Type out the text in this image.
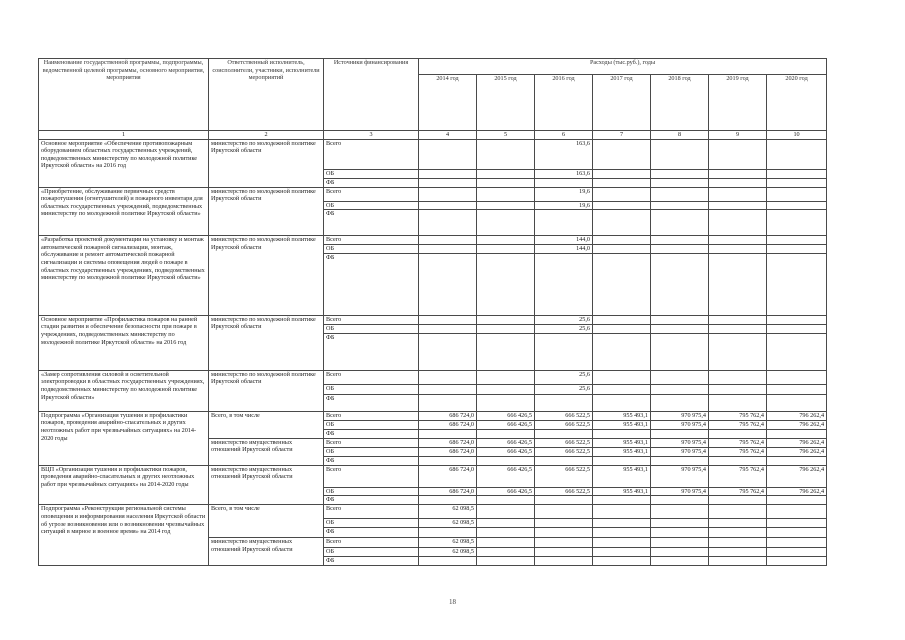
Наименование государственной программы, подпрограммы, ведомственной целевой программы, основного мероприятия, мероприятия	Ответственный исполнитель, соисполнители, участники, исполнители мероприятий	Источники финансирования	Расходы (тыс.руб.), годы						
			2014 год	2015 год	2016 год	2017 год	2018 год	2019 год	2020 год
1	2	3	4	5	6	7	8	9	10
Основное мероприятие «Обеспечение противопожарным оборудованием областных государственных учреждений, подведомственных министерству по молодежной политике Иркутской области» на 2016 год	министерство по молодежной политике Иркутской области	Всего			163,6				
		ОБ			163,6				
		ФБ							
«Приобретение, обслуживание первичных средств пожаротушения (огнетушителей) и пожарного инвентаря для областных государственных учреждений, подведомственных министерству по молодежной политике Иркутской области»	министерство по молодежной политике Иркутской области	Всего			19,6				
		ОБ			19,6				
		ФБ							
«Разработка проектной документации на установку и монтаж автоматической пожарной сигнализации, монтаж, обслуживание и ремонт автоматической пожарной сигнализации и системы оповещения людей о пожаре в областных государственных учреждениях, подведомственных министерству по молодежной политике Иркутской области»	министерство по молодежной политике Иркутской области	Всего			144,0				
		ОБ			144,0				
		ФБ							
Основное мероприятие «Профилактика пожаров на ранней стадии развития и обеспечение безопасности при пожаре в учреждениях, подведомственных министерству по молодежной политике Иркутской области» на 2016 год	министерство по молодежной политике Иркутской области	Всего			25,6				
		ОБ			25,6				
		ФБ							
«Замер сопротивления силовой и осветительной электропроводки в областных государственных учреждениях, подведомственных министерству по молодежной политике Иркутской области»	министерство по молодежной политике Иркутской области	Всего			25,6				
		ОБ			25,6				
		ФБ							
Подпрограмма «Организация тушения и профилактики пожаров, проведения аварийно-спасательных и других неотложных работ при чрезвычайных ситуациях» на 2014-2020 годы	Всего, в том числе	Всего	686 724,0	666 426,5	666 522,5	955 493,1	970 975,4	795 762,4	796 262,4
		ОБ	686 724,0	666 426,5	666 522,5	955 493,1	970 975,4	795 762,4	796 262,4
		ФБ							
	министерство имущественных отношений Иркутской области	Всего	686 724,0	666 426,5	666 522,5	955 493,1	970 975,4	795 762,4	796 262,4
		ОБ	686 724,0	666 426,5	666 522,5	955 493,1	970 975,4	795 762,4	796 262,4
		ФБ							
ВЦП «Организация тушения и профилактики пожаров, проведения аварийно-спасательных и других неотложных работ при чрезвычайных ситуациях» на 2014-2020 годы	министерство имущественных отношений Иркутской области	Всего	686 724,0	666 426,5	666 522,5	955 493,1	970 975,4	795 762,4	796 262,4
		ОБ	686 724,0	666 426,5	666 522,5	955 493,1	970 975,4	795 762,4	796 262,4
		ФБ							
Подпрограмма «Реконструкция региональной системы оповещения и информирования населения Иркутской области об угрозе возникновения или о возникновении чрезвычайных ситуаций в мирное и военное время» на 2014 год	Всего, в том числе	Всего	62 098,5						
		ОБ	62 098,5						
		ФБ							
	министерство имущественных отношений Иркутской области	Всего	62 098,5						
		ОБ	62 098,5						
		ФБ							
18
